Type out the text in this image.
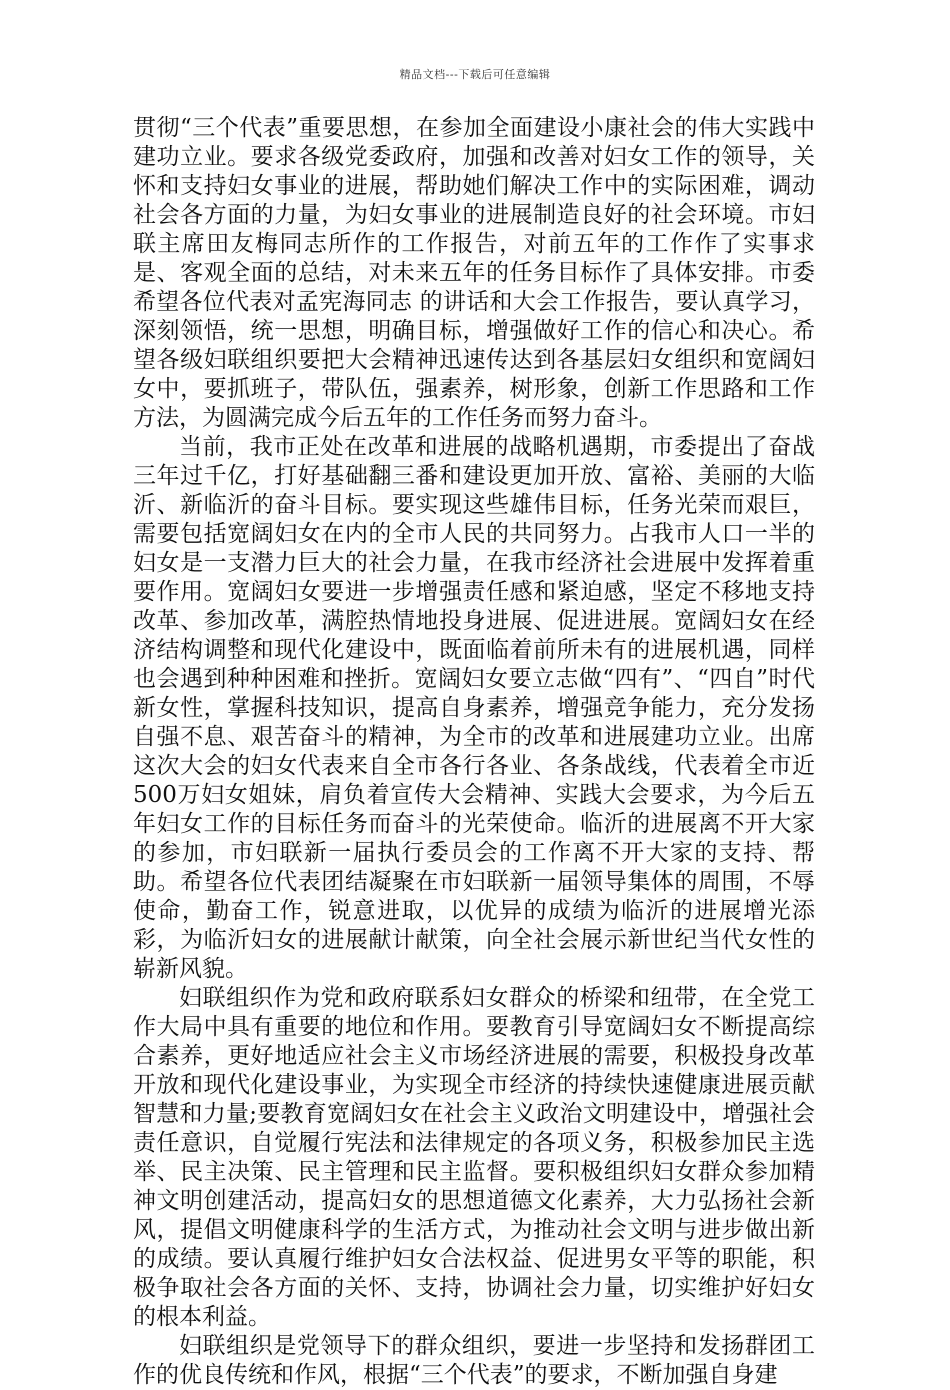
精品文档---下载后可任意编辑

贯彻“三个代表”重要思想，在参加全面建设小康社会的伟大实践中建功立业。要求各级党委政府，加强和改善对妇女工作的领导，关怀和支持妇女事业的进展，帮助她们解决工作中的实际困难，调动社会各方面的力量，为妇女事业的进展制造良好的社会环境。市妇联主席田友梅同志所作的工作报告，对前五年的工作作了实事求是、客观全面的总结，对未来五年的任务目标作了具体安排。市委希望各位代表对孟宪海同志 的讲话和大会工作报告，要认真学习，深刻领悟，统一思想，明确目标，增强做好工作的信心和决心。希望各级妇联组织要把大会精神迅速传达到各基层妇女组织和宽阔妇女中，要抓班子，带队伍，强素养，树形象，创新工作思路和工作方法，为圆满完成今后五年的工作任务而努力奋斗。

当前，我市正处在改革和进展的战略机遇期，市委提出了奋战三年过千亿，打好基础翻三番和建设更加开放、富裕、美丽的大临沂、新临沂的奋斗目标。要实现这些雄伟目标，任务光荣而艰巨，需要包括宽阔妇女在内的全市人民的共同努力。占我市人口一半的妇女是一支潜力巨大的社会力量，在我市经济社会进展中发挥着重要作用。宽阔妇女要进一步增强责任感和紧迫感，坚定不移地支持改革、参加改革，满腔热情地投身进展、促进进展。宽阔妇女在经济结构调整和现代化建设中，既面临着前所未有的进展机遇，同样也会遇到种种困难和挫折。宽阔妇女要立志做“四有”、“四自”时代新女性，掌握科技知识，提高自身素养，增强竞争能力，充分发扬自强不息、艰苦奋斗的精神，为全市的改革和进展建功立业。出席这次大会的妇女代表来自全市各行各业、各条战线，代表着全市近500万妇女姐妹，肩负着宣传大会精神、实践大会要求，为今后五年妇女工作的目标任务而奋斗的光荣使命。临沂的进展离不开大家的参加，市妇联新一届执行委员会的工作离不开大家的支持、帮助。希望各位代表团结凝聚在市妇联新一届领导集体的周围，不辱使命，勤奋工作，锐意进取，以优异的成绩为临沂的进展增光添彩，为临沂妇女的进展献计献策，向全社会展示新世纪当代女性的崭新风貌。

妇联组织作为党和政府联系妇女群众的桥梁和纽带，在全党工作大局中具有重要的地位和作用。要教育引导宽阔妇女不断提高综合素养，更好地适应社会主义市场经济进展的需要，积极投身改革开放和现代化建设事业，为实现全市经济的持续快速健康进展贡献智慧和力量;要教育宽阔妇女在社会主义政治文明建设中，增强社会责任意识，自觉履行宪法和法律规定的各项义务，积极参加民主选举、民主决策、民主管理和民主监督。要积极组织妇女群众参加精神文明创建活动，提高妇女的思想道德文化素养，大力弘扬社会新风，提倡文明健康科学的生活方式，为推动社会文明与进步做出新的成绩。要认真履行维护妇女合法权益、促进男女平等的职能，积极争取社会各方面的关怀、支持，协调社会力量，切实维护好妇女的根本利益。

妇联组织是党领导下的群众组织，要进一步坚持和发扬群团工作的优良传统和作风，根据“三个代表”的要求，不断加强自身建
